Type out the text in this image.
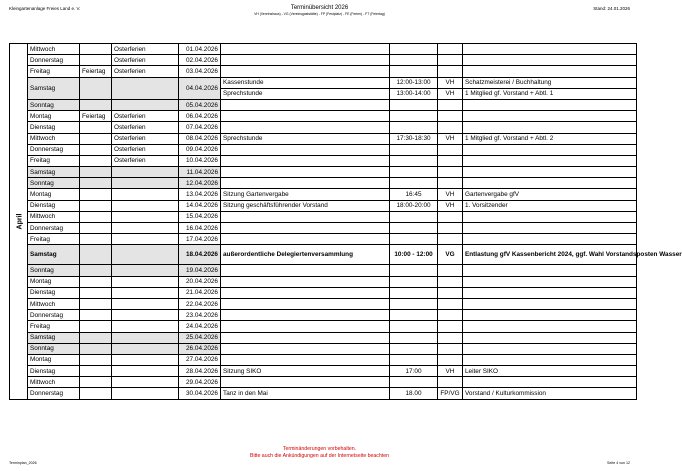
Kleingartenanlage Freies Land e. V.	Terminübersicht 2026
VH (Vereinshaus) - VG (Vereinsgaststätte) - FP (Festplatz) - FE (Ferien) - FT (Feiertag)
Stand: 24.01.2026
April	Mittwoch		Osterferien	01.04.2026				
	Donnerstag		Osterferien	02.04.2026				
	Freitag	Feiertag	Osterferien	03.04.2026				
	Samstag			04.04.2026	Kassenstunde	12:00-13:00	VH	Schatzmeisterei / Buchhaltung
					Sprechstunde	13:00-14:00	VH	1 Mitglied gf. Vorstand + Abtl. 1
	Sonntag			05.04.2026				
	Montag	Feiertag	Osterferien	06.04.2026				
	Dienstag		Osterferien	07.04.2026				
	Mittwoch		Osterferien	08.04.2026	Sprechstunde	17:30-18:30	VH	1 Mitglied gf. Vorstand + Abtl. 2
	Donnerstag		Osterferien	09.04.2026				
	Freitag		Osterferien	10.04.2026				
	Samstag			11.04.2026				
	Sonntag			12.04.2026				
	Montag			13.04.2026	Sitzung Gartenvergabe	16:45	VH	Gartenvergabe gfV
	Dienstag			14.04.2026	Sitzung geschäftsführender Vorstand	18:00-20:00	VH	1. Vorsitzender
	Mittwoch			15.04.2026				
	Donnerstag			16.04.2026				
	Freitag			17.04.2026				
	Samstag			18.04.2026	außerordentliche Delegiertenversammlung	10:00 - 12:00	VG	Entlastung gfV Kassenbericht 2024, ggf. Wahl Vorstandsposten Wasser
	Sonntag			19.04.2026				
	Montag			20.04.2026				
	Dienstag			21.04.2026				
	Mittwoch			22.04.2026				
	Donnerstag			23.04.2026				
	Freitag			24.04.2026				
	Samstag			25.04.2026				
	Sonntag			26.04.2026				
	Montag			27.04.2026				
	Dienstag			28.04.2026	Sitzung SIKO	17:00	VH	Leiter SIKO
	Mittwoch			29.04.2026				
	Donnerstag			30.04.2026	Tanz in den Mai	18.00	FP/VG	Vorstand / Kulturkommission
Terminänderungen vorbehalten.
Bitte auch die Ankündigungen auf der Internetseite beachten
Terminplan_2026	Seite 4 von 12
